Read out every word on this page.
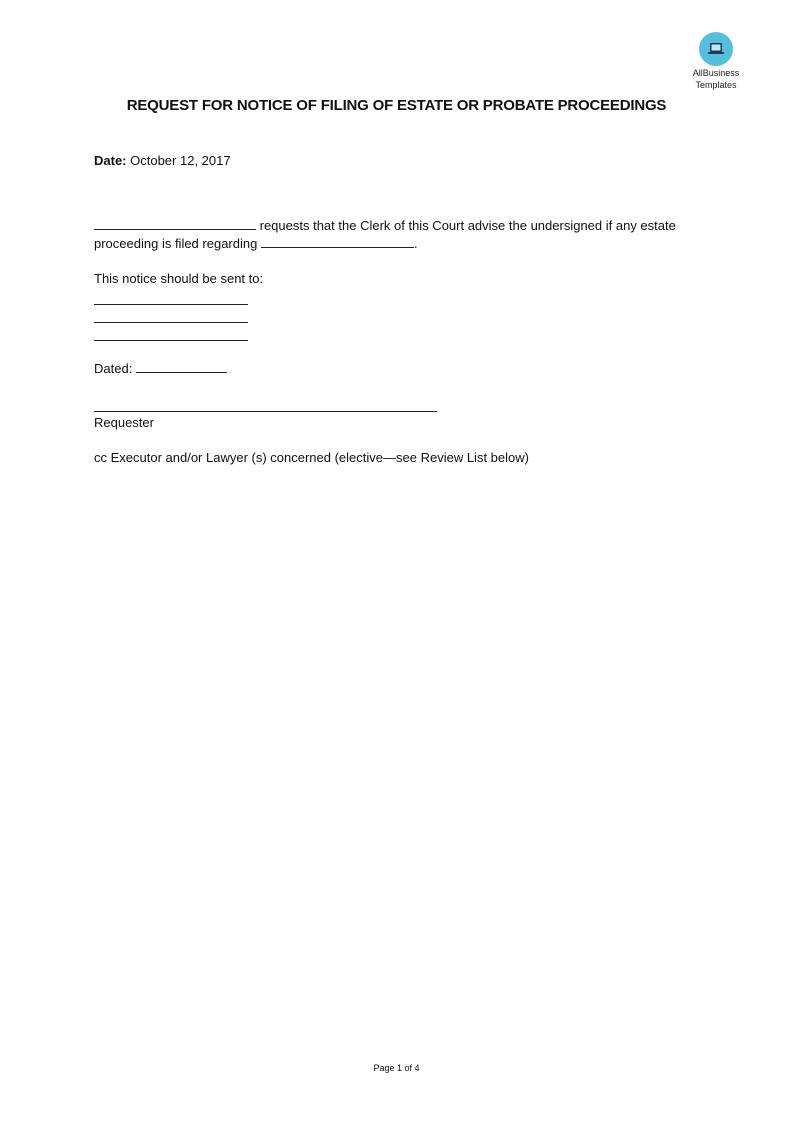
AllBusiness
Templates
REQUEST FOR NOTICE OF FILING OF ESTATE OR PROBATE PROCEEDINGS
Date: October 12, 2017
requests that the Clerk of this Court advise the undersigned if any estate
proceeding is filed regarding	.
This notice should be sent to:
Dated:
Requester
cc Executor and/or Lawyer (s) concerned (elective—see Review List below)
Page 1 of 4
